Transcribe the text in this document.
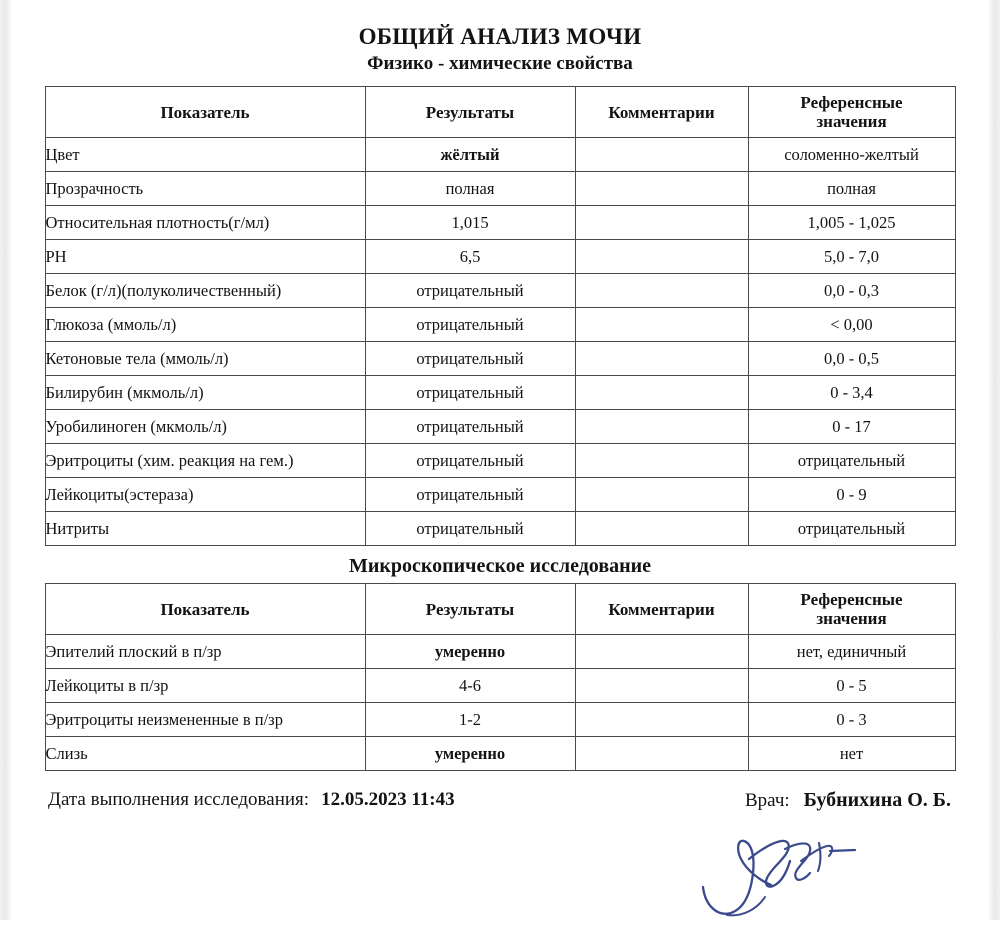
ОБЩИЙ АНАЛИЗ МОЧИ
Физико - химические свойства
Показатель	Результаты	Комментарии	Референсные
значения
Цвет	жёлтый		соломенно-желтый
Прозрачность	полная		полная
Относительная плотность(г/мл)	1,015		1,005 - 1,025
PH	6,5		5,0 - 7,0
Белок (г/л)(полуколичественный)	отрицательный		0,0 - 0,3
Глюкоза (ммоль/л)	отрицательный		< 0,00
Кетоновые тела (ммоль/л)	отрицательный		0,0 - 0,5
Билирубин (мкмоль/л)	отрицательный		0 - 3,4
Уробилиноген (мкмоль/л)	отрицательный		0 - 17
Эритроциты (хим. реакция на гем.)	отрицательный		отрицательный
Лейкоциты(эстераза)	отрицательный		0 - 9
Нитриты	отрицательный		отрицательный
Микроскопическое исследование
Показатель	Результаты	Комментарии	Референсные
значения
Эпителий плоский в п/зр	умеренно		нет, единичный
Лейкоциты в п/зр	4-6		0 - 5
Эритроциты неизмененные в п/зр	1-2		0 - 3
Слизь	умеренно		нет
Дата выполнения исследования: 12.05.2023 11:43	Врач: Бубнихина О. Б.
